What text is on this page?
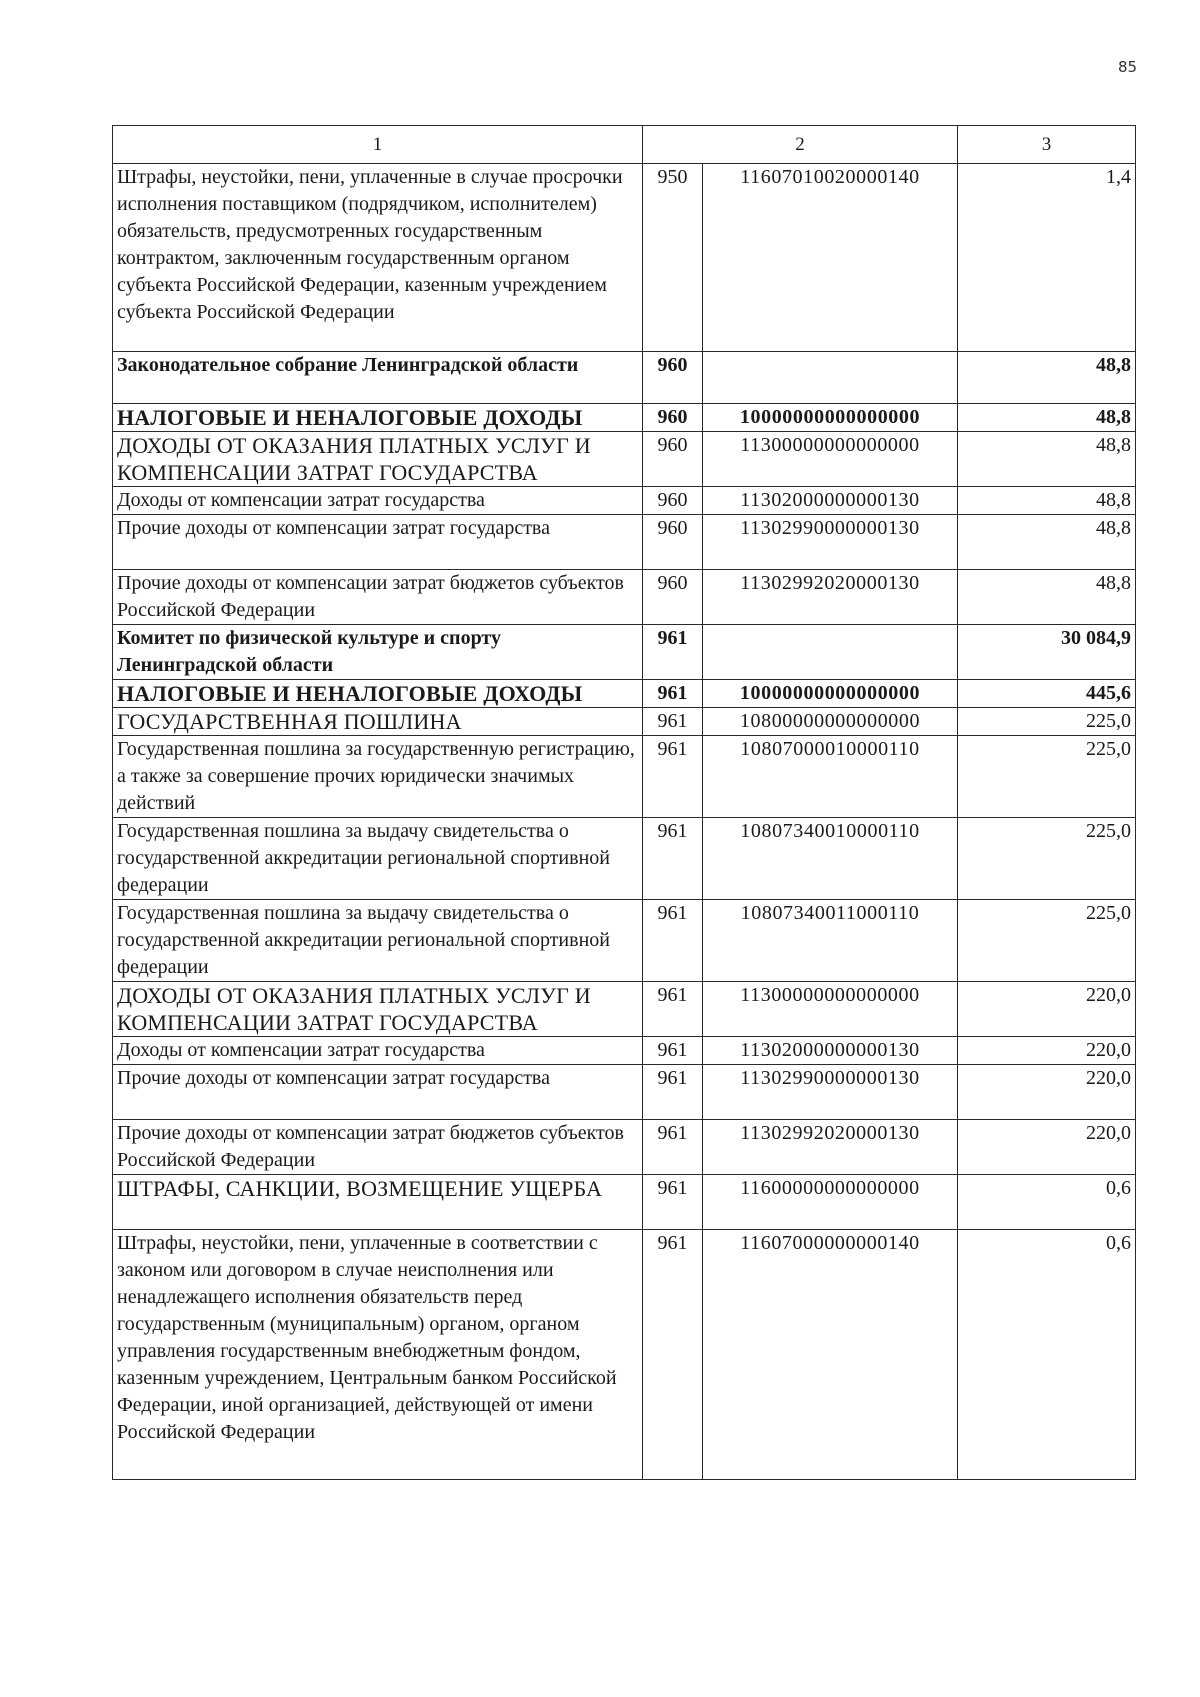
85
1	2		3
Штрафы, неустойки, пени, уплаченные в случае просрочки исполнения поставщиком (подрядчиком, исполнителем) обязательств, предусмотренных государственным контрактом, заключенным государственным органом субъекта Российской Федерации, казенным учреждением субъекта Российской Федерации	950	11607010020000140	1,4
Законодательное собрание Ленинградской области	960		48,8
НАЛОГОВЫЕ И НЕНАЛОГОВЫЕ ДОХОДЫ	960	10000000000000000	48,8
ДОХОДЫ ОТ ОКАЗАНИЯ ПЛАТНЫХ УСЛУГ И КОМПЕНСАЦИИ ЗАТРАТ ГОСУДАРСТВА	960	11300000000000000	48,8
Доходы от компенсации затрат государства	960	11302000000000130	48,8
Прочие доходы от компенсации затрат государства	960	11302990000000130	48,8
Прочие доходы от компенсации затрат бюджетов субъектов Российской Федерации	960	11302992020000130	48,8
Комитет по физической культуре и спорту Ленинградской области	961		30 084,9
НАЛОГОВЫЕ И НЕНАЛОГОВЫЕ ДОХОДЫ	961	10000000000000000	445,6
ГОСУДАРСТВЕННАЯ ПОШЛИНА	961	10800000000000000	225,0
Государственная пошлина за государственную регистрацию, а также за совершение прочих юридически значимых действий	961	10807000010000110	225,0
Государственная пошлина за выдачу свидетельства о государственной аккредитации региональной спортивной федерации	961	10807340010000110	225,0
Государственная пошлина за выдачу свидетельства о государственной аккредитации региональной спортивной федерации	961	10807340011000110	225,0
ДОХОДЫ ОТ ОКАЗАНИЯ ПЛАТНЫХ УСЛУГ И КОМПЕНСАЦИИ ЗАТРАТ ГОСУДАРСТВА	961	11300000000000000	220,0
Доходы от компенсации затрат государства	961	11302000000000130	220,0
Прочие доходы от компенсации затрат государства	961	11302990000000130	220,0
Прочие доходы от компенсации затрат бюджетов субъектов Российской Федерации	961	11302992020000130	220,0
ШТРАФЫ, САНКЦИИ, ВОЗМЕЩЕНИЕ УЩЕРБА	961	11600000000000000	0,6
Штрафы, неустойки, пени, уплаченные в соответствии с законом или договором в случае неисполнения или ненадлежащего исполнения обязательств перед государственным (муниципальным) органом, органом управления государственным внебюджетным фондом, казенным учреждением, Центральным банком Российской Федерации, иной организацией, действующей от имени Российской Федерации	961	11607000000000140	0,6
